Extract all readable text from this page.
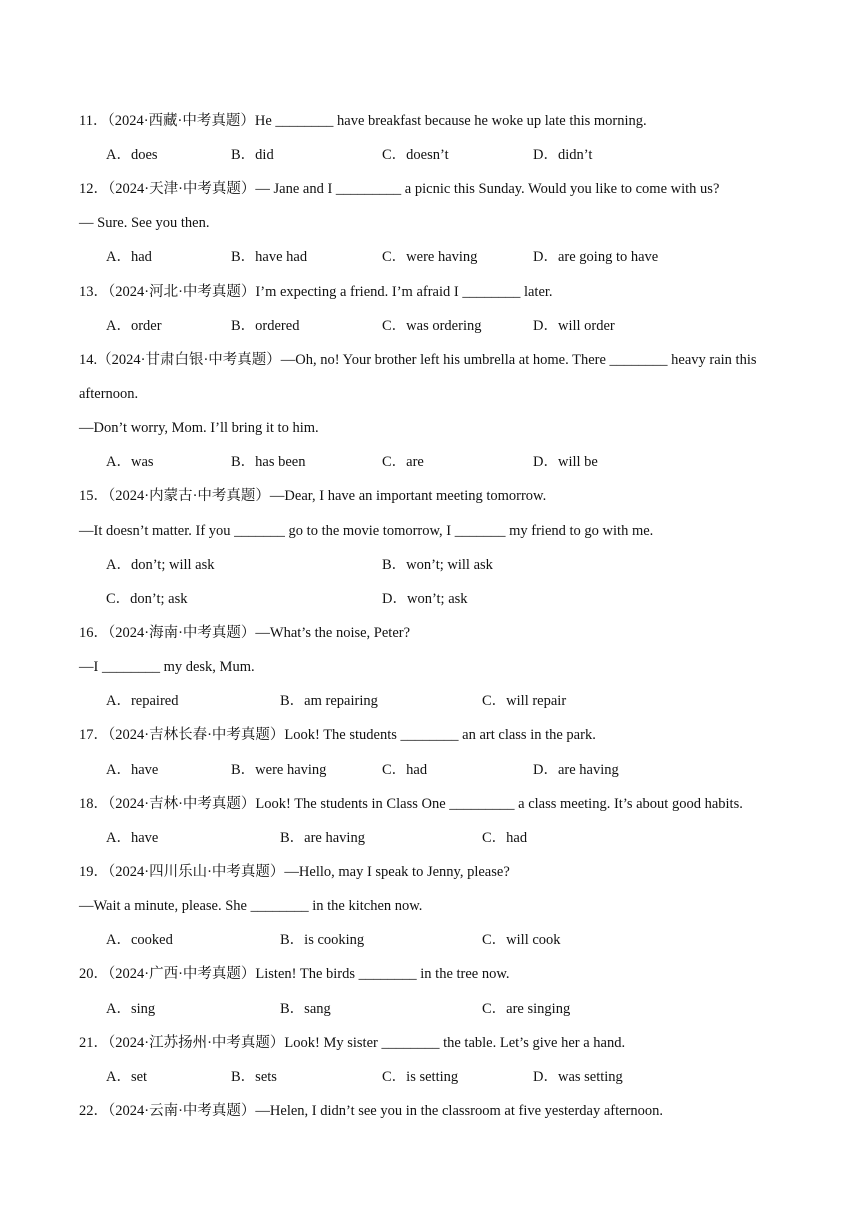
11．（2024·西藏·中考真题）He ________ have breakfast because he woke up late this morning.
A．does	B．did	C．doesn’t	D．didn’t
12．（2024·天津·中考真题）— Jane and I _________ a picnic this Sunday. Would you like to come with us?
— Sure. See you then.
A．had	B．have had	C．were having	D．are going to have
13．（2024·河北·中考真题）I’m expecting a friend. I’m afraid I ________ later.
A．order	B．ordered	C．was ordering	D．will order
14.（2024·甘肃白银·中考真题）—Oh, no! Your brother left his umbrella at home. There ________ heavy rain this
afternoon.
—Don’t worry, Mom. I’ll bring it to him.
A．was	B．has been	C．are	D．will be
15．（2024·内蒙古·中考真题）—Dear, I have an important meeting tomorrow.
—It doesn’t matter. If you _______ go to the movie tomorrow, I _______ my friend to go with me.
A．don’t; will ask	B．won’t; will ask
C．don’t; ask	D．won’t; ask
16．（2024·海南·中考真题）—What’s the noise, Peter?
—I ________ my desk, Mum.
A．repaired	B．am repairing	C．will repair
17．（2024·吉林长春·中考真题）Look! The students ________ an art class in the park.
A．have	B．were having	C．had	D．are having
18．（2024·吉林·中考真题）Look! The students in Class One _________ a class meeting. It’s about good habits.
A．have	B．are having	C．had
19．（2024·四川乐山·中考真题）—Hello, may I speak to Jenny, please?
—Wait a minute, please. She ________ in the kitchen now.
A．cooked	B．is cooking	C．will cook
20．（2024·广西·中考真题）Listen! The birds ________ in the tree now.
A．sing	B．sang	C．are singing
21．（2024·江苏扬州·中考真题）Look! My sister ________ the table. Let’s give her a hand.
A．set	B．sets	C．is setting	D．was setting
22．（2024·云南·中考真题）—Helen, I didn’t see you in the classroom at five yesterday afternoon.
